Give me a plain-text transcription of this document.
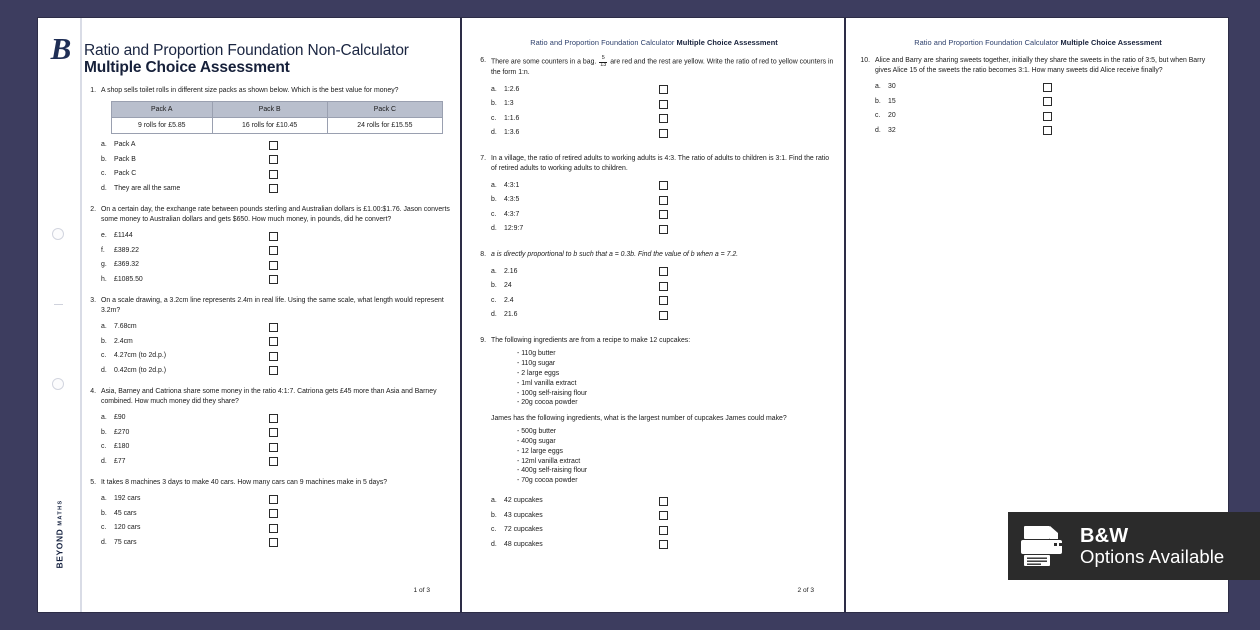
B
BEYOND MATHS
Ratio and Proportion Foundation Non-Calculator
Multiple Choice Assessment
1. A shop sells toilet rolls in different size packs as shown below. Which is the best value for money?
Pack A	Pack B	Pack C
9 rolls for £5.85	16 rolls for £10.45	24 rolls for £15.55
a.	Pack A
b.	Pack B
c.	Pack C
d.	They are all the same
2. On a certain day, the exchange rate between pounds sterling and Australian dollars is £1.00:$1.76. Jason converts some money to Australian dollars and gets $650. How much money, in pounds, did he convert?
e.	£1144
f.	£389.22
g.	£369.32
h.	£1085.50
3. On a scale drawing, a 3.2cm line represents 2.4m in real life. Using the same scale, what length would represent 3.2m?
a.	7.68cm
b.	2.4cm
c.	4.27cm (to 2d.p.)
d.	0.42cm (to 2d.p.)
4. Asia, Barney and Catriona share some money in the ratio 4:1:7. Catriona gets £45 more than Asia and Barney combined. How much money did they share?
a.	£90
b.	£270
c.	£180
d.	£77
5. It takes 8 machines 3 days to make 40 cars. How many cars can 9 machines make in 5 days?
a.	192 cars
b.	45 cars
c.	120 cars
d.	75 cars
1 of 3
Ratio and Proportion Foundation Calculator Multiple Choice Assessment
6. There are some counters in a bag. $\frac{5}{13}$ are red and the rest are yellow. Write the ratio of red to yellow counters in the form 1:n.
a.	1:2.6
b.	1:3
c.	1:1.6
d.	1:3.6
7. In a village, the ratio of retired adults to working adults is 4:3. The ratio of adults to children is 3:1. Find the ratio of retired adults to working adults to children.
a.	4:3:1
b.	4:3:5
c.	4:3:7
d.	12:9:7
8. a is directly proportional to b such that a = 0.3b. Find the value of b when a = 7.2.
a.	2.16
b.	24
c.	2.4
d.	21.6
9. The following ingredients are from a recipe to make 12 cupcakes:
- 110g butter
- 110g sugar
- 2 large eggs
- 1ml vanilla extract
- 100g self-raising flour
- 20g cocoa powder
James has the following ingredients, what is the largest number of cupcakes James could make?
- 500g butter
- 400g sugar
- 12 large eggs
- 12ml vanilla extract
- 400g self-raising flour
- 70g cocoa powder
a.	42 cupcakes
b.	43 cupcakes
c.	72 cupcakes
d.	48 cupcakes
2 of 3
Ratio and Proportion Foundation Calculator Multiple Choice Assessment
10. Alice and Barry are sharing sweets together, initially they share the sweets in the ratio of 3:5, but when Barry gives Alice 15 of the sweets the ratio becomes 3:1. How many sweets did Alice receive finally?
a.	30
b.	15
c.	20
d.	32
B&W
Options Available
